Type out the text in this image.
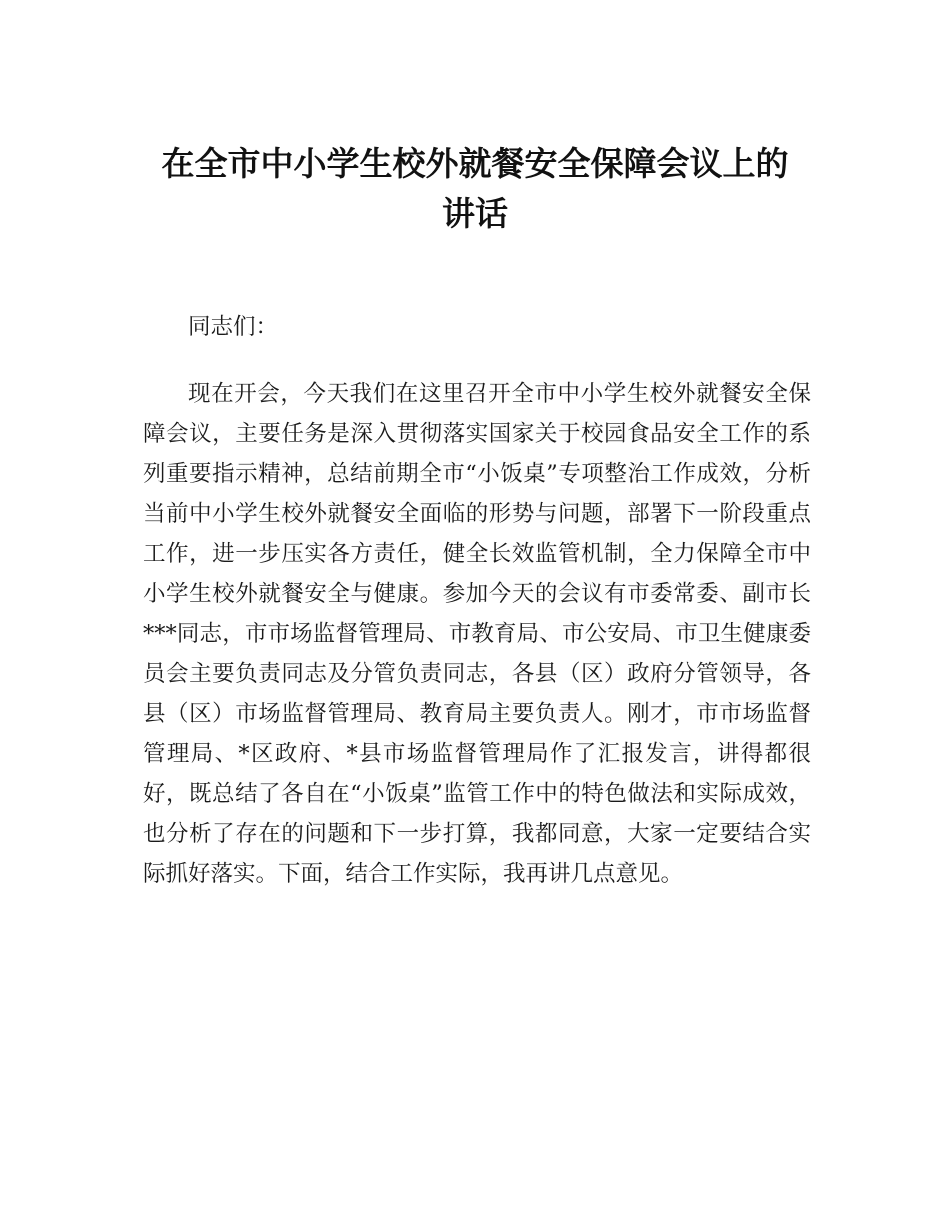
在全市中小学生校外就餐安全保障会议上的
讲话

同志们：

现在开会，今天我们在这里召开全市中小学生校外就餐安全保障会议，主要任务是深入贯彻落实国家关于校园食品安全工作的系列重要指示精神，总结前期全市“小饭桌”专项整治工作成效，分析当前中小学生校外就餐安全面临的形势与问题，部署下一阶段重点工作，进一步压实各方责任，健全长效监管机制，全力保障全市中小学生校外就餐安全与健康。参加今天的会议有市委常委、副市长***同志，市市场监督管理局、市教育局、市公安局、市卫生健康委员会主要负责同志及分管负责同志，各县（区）政府分管领导，各县（区）市场监督管理局、教育局主要负责人。刚才，市市场监督管理局、*区政府、*县市场监督管理局作了汇报发言，讲得都很好，既总结了各自在“小饭桌”监管工作中的特色做法和实际成效，也分析了存在的问题和下一步打算，我都同意，大家一定要结合实际抓好落实。下面，结合工作实际，我再讲几点意见。
